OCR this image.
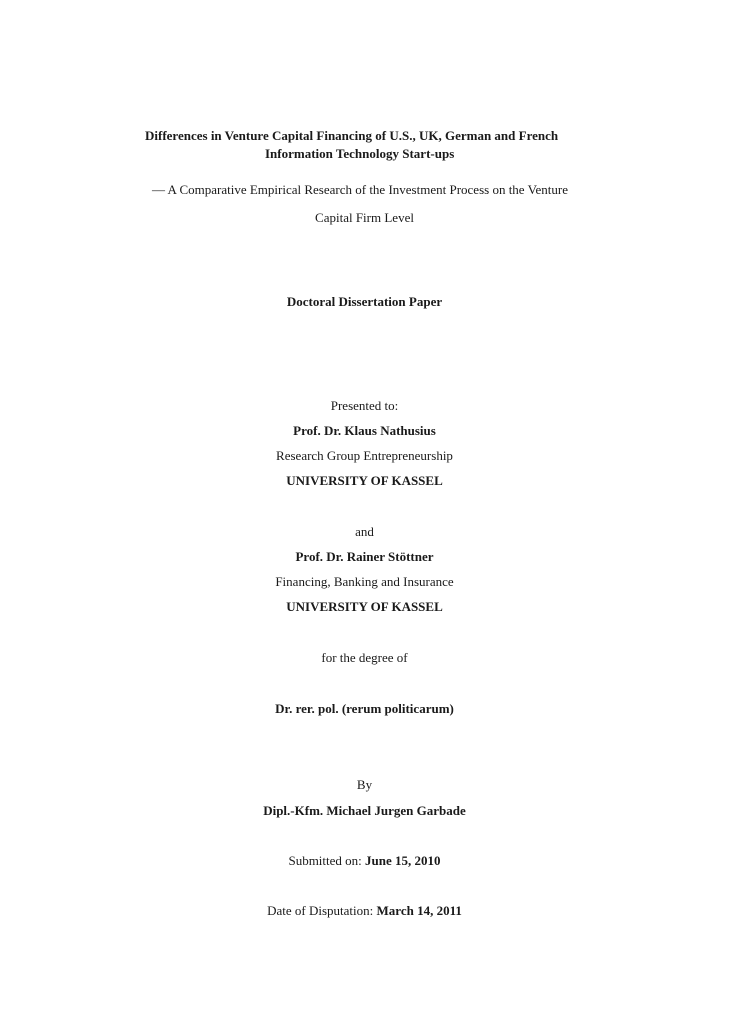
Differences in Venture Capital Financing of U.S., UK, German and French
Information Technology Start-ups
— A Comparative Empirical Research of the Investment Process on the Venture
Capital Firm Level
Doctoral Dissertation Paper
Presented to:
Prof. Dr. Klaus Nathusius
Research Group Entrepreneurship
UNIVERSITY OF KASSEL
and
Prof. Dr. Rainer Stöttner
Financing, Banking and Insurance
UNIVERSITY OF KASSEL
for the degree of
Dr. rer. pol. (rerum politicarum)
By
Dipl.-Kfm. Michael Jurgen Garbade
Submitted on: June 15, 2010
Date of Disputation: March 14, 2011
